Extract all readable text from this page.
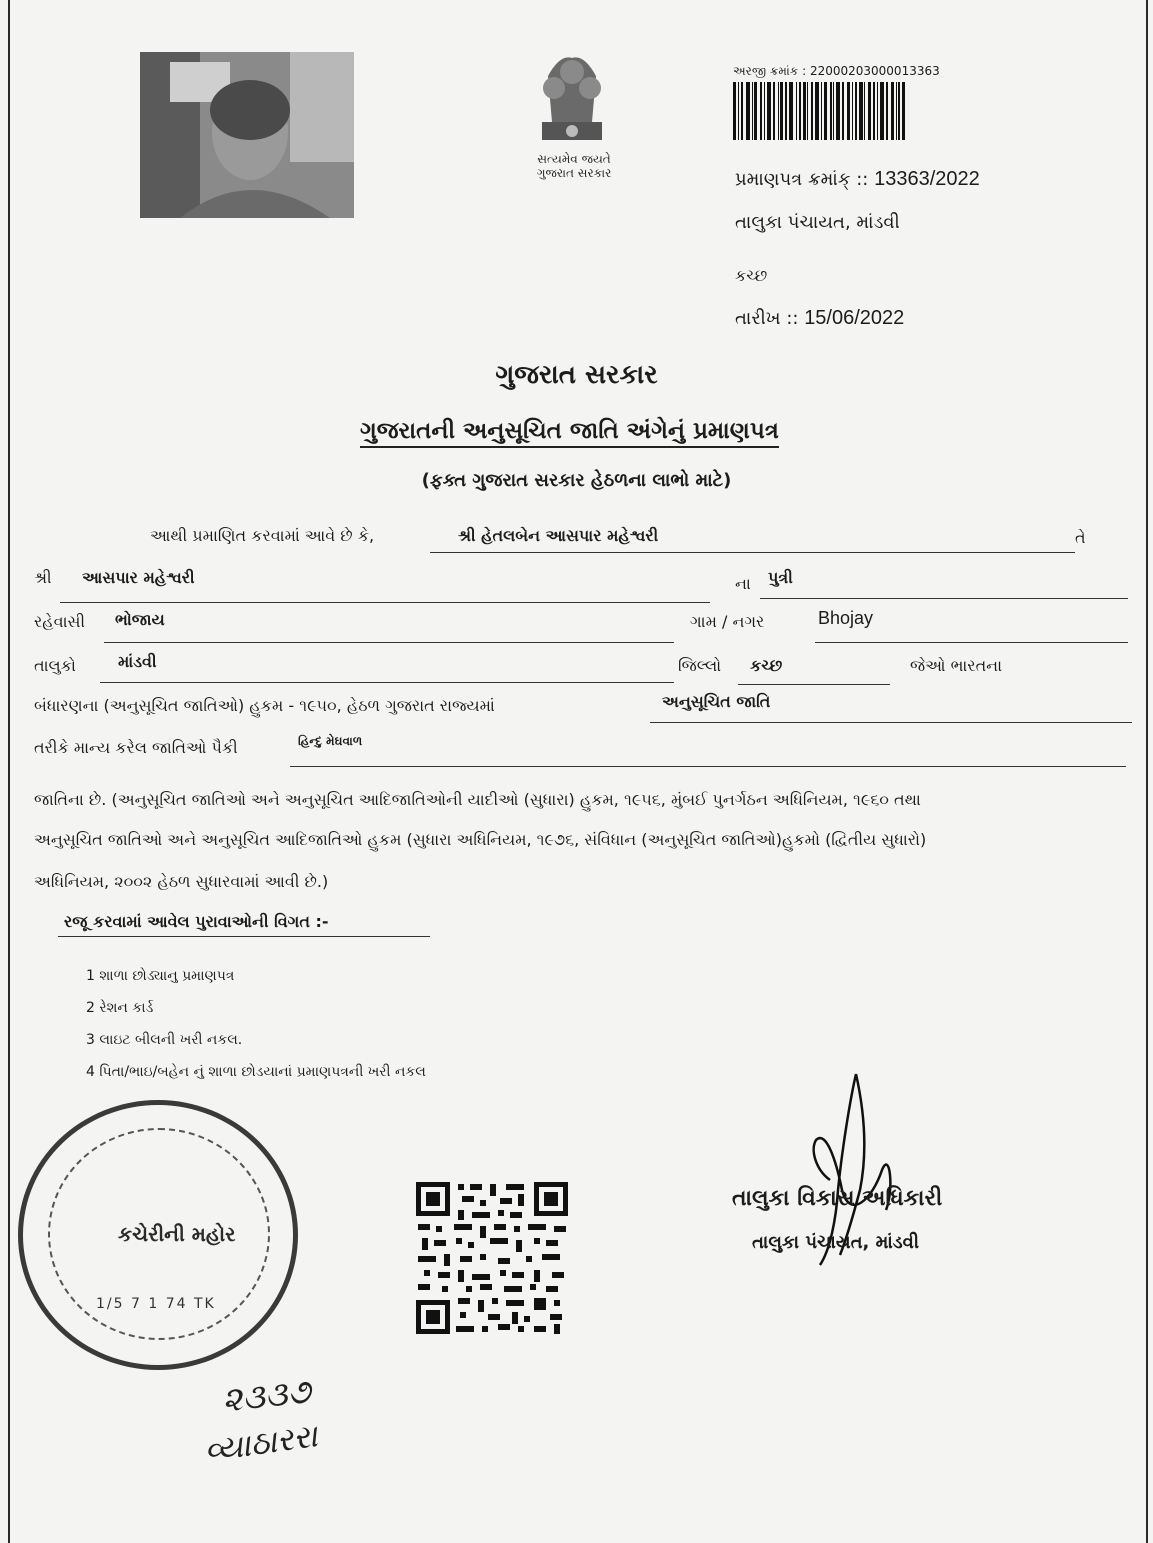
સત્યમેવ જયતે
ગુજરાત સરકાર
અરજી ક્રમાંક : 22000203000013363
પ્રમાણપત્ર ક્રમાંક્ :: 13363/2022
તાલુકા પંચાયત, માંડવી
કચ્છ
તારીખ :: 15/06/2022
ગુજરાત સરકાર
ગુજરાતની અનુસૂચિત જાતિ અંગેનું પ્રમાણપત્ર
(ફક્ત ગુજરાત સરકાર હેઠળના લાભો માટે)
આથી પ્રમાણિત કરવામાં આવે છે કે,	શ્રી હેતલબેન આસપાર મહેશ્વરી	તે
શ્રી આસપાર મહેશ્વરી	ના પુત્રી
રહેવાસી ભોજાય	ગામ / નગર	Bhojay
તાલુકો	માંડવી	જિલ્લો કચ્છ	જેઓ ભારતના
બંધારણના (અનુસૂચિત જાતિઓ) હુકમ - ૧૯૫૦, હેઠળ ગુજરાત રાજ્યમાં	અનુસૂચિત જાતિ
તરીકે માન્ય કરેલ જાતિઓ પૈકી	હિન્દુ મેઘવાળ
જાતિના છે. (અનુસૂચિત જાતિઓ અને અનુસૂચિત આદિજાતિઓની યાદીઓ (સુધારા) હુકમ, ૧૯૫૬, મુંબઈ પુનર્ગઠન અધિનિયમ, ૧૯૬૦ તથા
અનુસૂચિત જાતિઓ અને અનુસૂચિત આદિજાતિઓ હુકમ (સુધારા અધિનિયમ, ૧૯૭૬, સંવિધાન (અનુસૂચિત જાતિઓ)હુકમો (દ્વિતીય સુધારો)
અધિનિયમ, ૨૦૦૨ હેઠળ સુધારવામાં આવી છે.)
રજૂ કરવામાં આવેલ પુરાવાઓની વિગત :-
1 શાળા છોડ્યાનુ પ્રમાણપત્ર
2 રેશન કાર્ડ
3 લાઇટ બીલની ખરી નકલ.
4 પિતા/ભાઇ/બહેન નું શાળા છોડયાનાં પ્રમાણપત્રની ખરી નકલ
કચેરીની મહોર
1/5 7 1 74 TK
તાલુકા વિકાસ અધિકારી
તાલુકા પંચાયત, માંડવી
૨૩૩૭
વ્યાઠારરા
